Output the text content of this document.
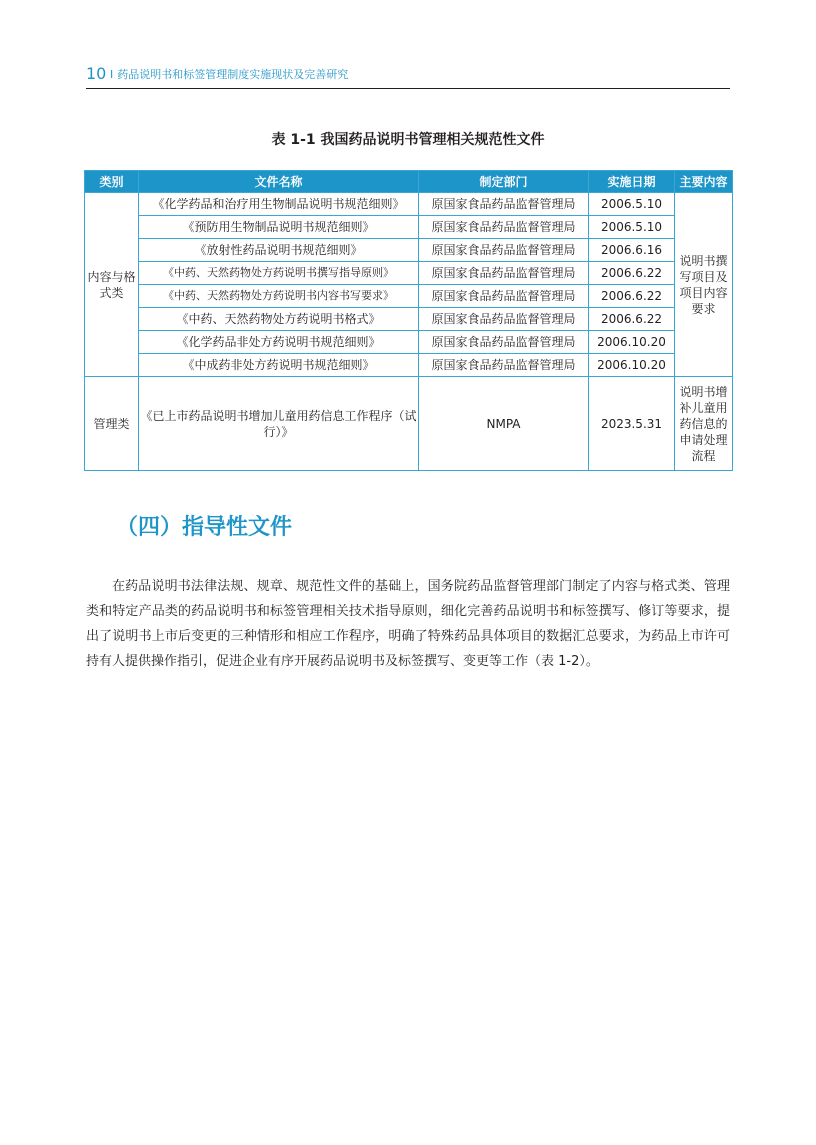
10 I 药品说明书和标签管理制度实施现状及完善研究
表 1-1 我国药品说明书管理相关规范性文件
类别	文件名称	制定部门	实施日期	主要内容
内容与格式类	《化学药品和治疗用生物制品说明书规范细则》	原国家食品药品监督管理局	2006.5.10	说明书撰写项目及项目内容要求
	《预防用生物制品说明书规范细则》	原国家食品药品监督管理局	2006.5.10	
	《放射性药品说明书规范细则》	原国家食品药品监督管理局	2006.6.16	
	《中药、天然药物处方药说明书撰写指导原则》	原国家食品药品监督管理局	2006.6.22	
	《中药、天然药物处方药说明书内容书写要求》	原国家食品药品监督管理局	2006.6.22	
	《中药、天然药物处方药说明书格式》	原国家食品药品监督管理局	2006.6.22	
	《化学药品非处方药说明书规范细则》	原国家食品药品监督管理局	2006.10.20	
	《中成药非处方药说明书规范细则》	原国家食品药品监督管理局	2006.10.20	
管理类	《已上市药品说明书增加儿童用药信息工作程序（试行）》	NMPA	2023.5.31	说明书增补儿童用药信息的申请处理流程
（四）指导性文件

在药品说明书法律法规、规章、规范性文件的基础上，国务院药品监督管理部门制定了内容与格式类、管理类和特定产品类的药品说明书和标签管理相关技术指导原则，细化完善药品说明书和标签撰写、修订等要求，提出了说明书上市后变更的三种情形和相应工作程序，明确了特殊药品具体项目的数据汇总要求，为药品上市许可持有人提供操作指引，促进企业有序开展药品说明书及标签撰写、变更等工作（表 1-2）。
